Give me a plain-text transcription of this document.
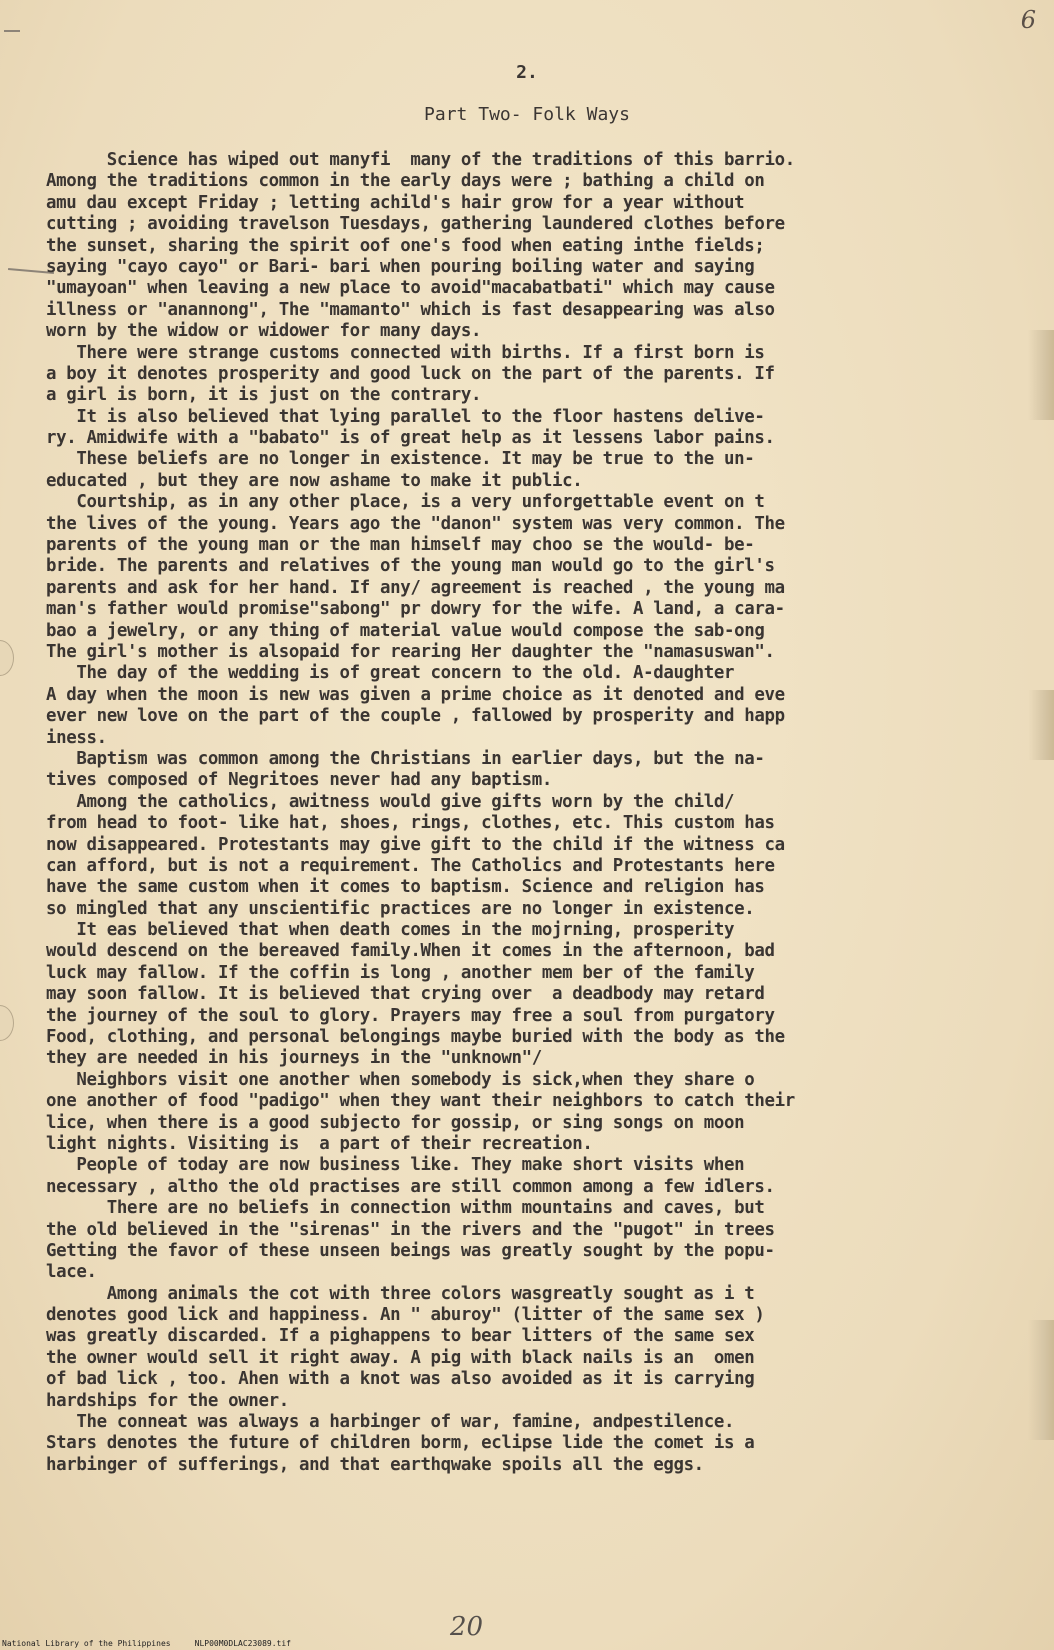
6
2.
Part Two- Folk Ways
Science has wiped out manyfi  many of the traditions of this barrio.
Among the traditions common in the early days were ; bathing a child on
amu dau except Friday ; letting achild's hair grow for a year without
cutting ; avoiding travelson Tuesdays, gathering laundered clothes before
the sunset, sharing the spirit oof one's food when eating inthe fields;
saying "cayo cayo" or Bari- bari when pouring boiling water and saying
"umayoan" when leaving a new place to avoid"macabatbati" which may cause
illness or "anannong", The "mamanto" which is fast desappearing was also
worn by the widow or widower for many days.
There were strange customs connected with births. If a first born is
a boy it denotes prosperity and good luck on the part of the parents. If
a girl is born, it is just on the contrary.
It is also believed that lying parallel to the floor hastens delive-
ry. Amidwife with a "babato" is of great help as it lessens labor pains.
These beliefs are no longer in existence. It may be true to the un-
educated , but they are now ashame to make it public.
Courtship, as in any other place, is a very unforgettable event on t
the lives of the young. Years ago the "danon" system was very common. The
parents of the young man or the man himself may choo se the would- be-
bride. The parents and relatives of the young man would go to the girl's
parents and ask for her hand. If any/ agreement is reached , the young ma
man's father would promise"sabong" pr dowry for the wife. A land, a cara-
bao a jewelry, or any thing of material value would compose the sab-ong
The girl's mother is alsopaid for rearing Her daughter the "namasuswan".
The day of the wedding is of great concern to the old. A-daughter
A day when the moon is new was given a prime choice as it denoted and eve
ever new love on the part of the couple , fallowed by prosperity and happ
iness.
Baptism was common among the Christians in earlier days, but the na-
tives composed of Negritoes never had any baptism.
Among the catholics, awitness would give gifts worn by the child/
from head to foot- like hat, shoes, rings, clothes, etc. This custom has
now disappeared. Protestants may give gift to the child if the witness ca
can afford, but is not a requirement. The Catholics and Protestants here
have the same custom when it comes to baptism. Science and religion has
so mingled that any unscientific practices are no longer in existence.
It eas believed that when death comes in the mojrning, prosperity
would descend on the bereaved family.When it comes in the afternoon, bad
luck may fallow. If the coffin is long , another mem ber of the family
may soon fallow. It is believed that crying over  a deadbody may retard
the journey of the soul to glory. Prayers may free a soul from purgatory
Food, clothing, and personal belongings maybe buried with the body as the
they are needed in his journeys in the "unknown"/
Neighbors visit one another when somebody is sick,when they share o
one another of food "padigo" when they want their neighbors to catch their
lice, when there is a good subjecto for gossip, or sing songs on moon
light nights. Visiting is  a part of their recreation.
People of today are now business like. They make short visits when
necessary , altho the old practises are still common among a few idlers.
There are no beliefs in connection withm mountains and caves, but
the old believed in the "sirenas" in the rivers and the "pugot" in trees
Getting the favor of these unseen beings was greatly sought by the popu-
lace.
Among animals the cot with three colors wasgreatly sought as i t
denotes good lick and happiness. An " aburoy" (litter of the same sex )
was greatly discarded. If a pighappens to bear litters of the same sex
the owner would sell it right away. A pig with black nails is an  omen
of bad lick , too. Ahen with a knot was also avoided as it is carrying
hardships for the owner.
The conneat was always a harbinger of war, famine, andpestilence.
Stars denotes the future of children borm, eclipse lide the comet is a
harbinger of sufferings, and that earthqwake spoils all the eggs.
20
National Library of the Philippines     NLP00M0DLAC23089.tif
